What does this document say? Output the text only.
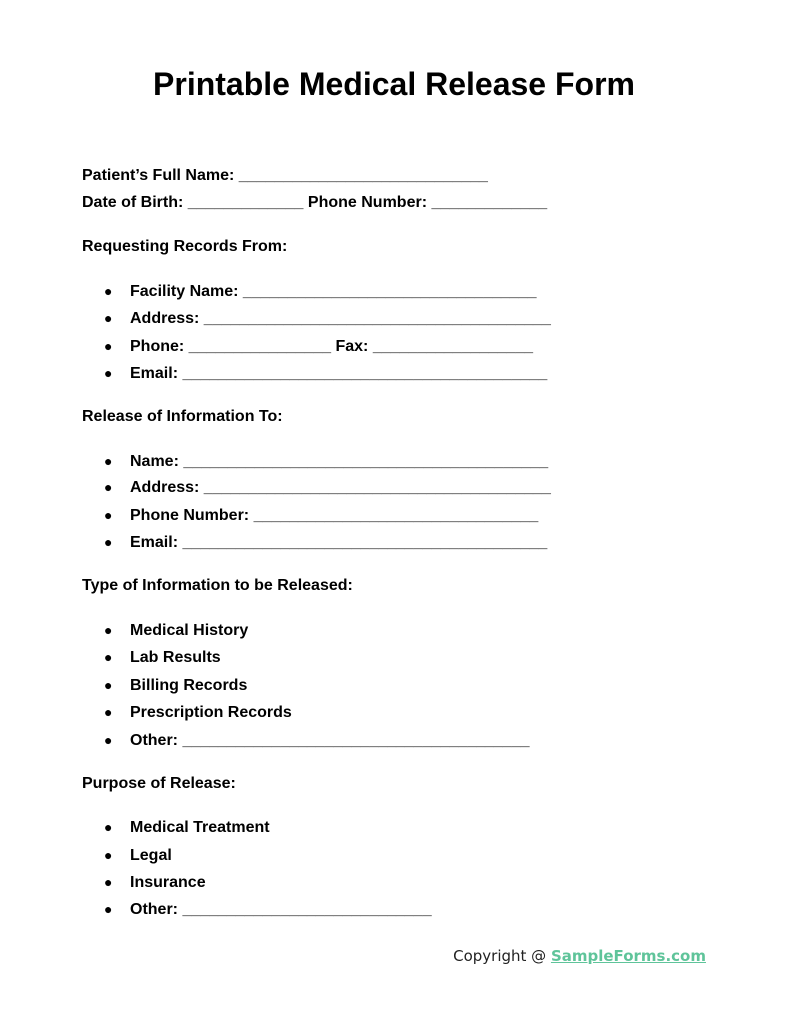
Printable Medical Release Form
Patient’s Full Name: ____________________________
Date of Birth: _____________ Phone Number: _____________
Requesting Records From:
● Facility Name: _________________________________
● Address: _______________________________________
● Phone: ________________ Fax: __________________
● Email: _________________________________________
Release of Information To:
● Name: _________________________________________
● Address: _______________________________________
● Phone Number: ________________________________
● Email: _________________________________________
Type of Information to be Released:
● Medical History
● Lab Results
● Billing Records
● Prescription Records
● Other: _______________________________________
Purpose of Release:
● Medical Treatment
● Legal
● Insurance
● Other: ____________________________
Copyright @ SampleForms.com
